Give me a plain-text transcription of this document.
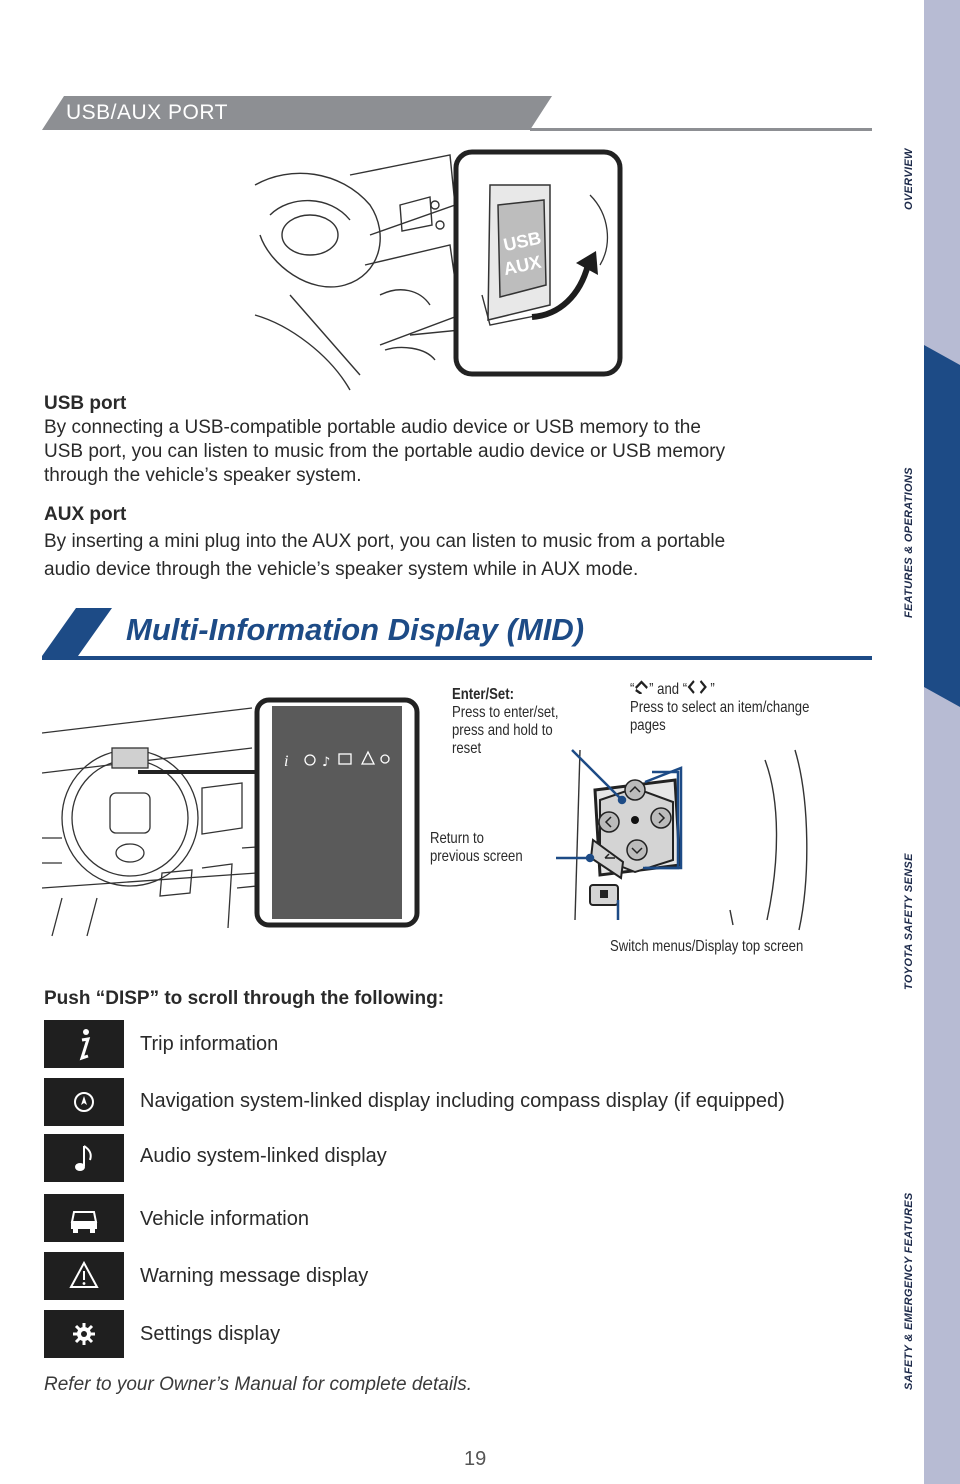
USB/AUX PORT
OVERVIEW
FEATURES & OPERATIONS
TOYOTA SAFETY SENSE
SAFETY & EMERGENCY FEATURES
USB
AUX
USB port
By connecting a USB-compatible portable audio device or USB memory to the
USB port, you can listen to music from the portable audio device or USB memory
through the vehicle’s speaker system.
AUX port
By inserting a mini plug into the AUX port, you can listen to music from a portable
audio device through the vehicle’s speaker system while in AUX mode.
Multi-Information Display (MID)
i	♪
Enter/Set:
Press to enter/set,
press and hold to
reset
“ ” and “ ”
Press to select an item/change
pages
Return to
previous screen
Switch menus/Display top screen
Push “DISP” to scroll through the following:
Trip information
Navigation system-linked display including compass display (if equipped)
Audio system-linked display
Vehicle information
Warning message display
Settings display
Refer to your Owner’s Manual for complete details.
19
